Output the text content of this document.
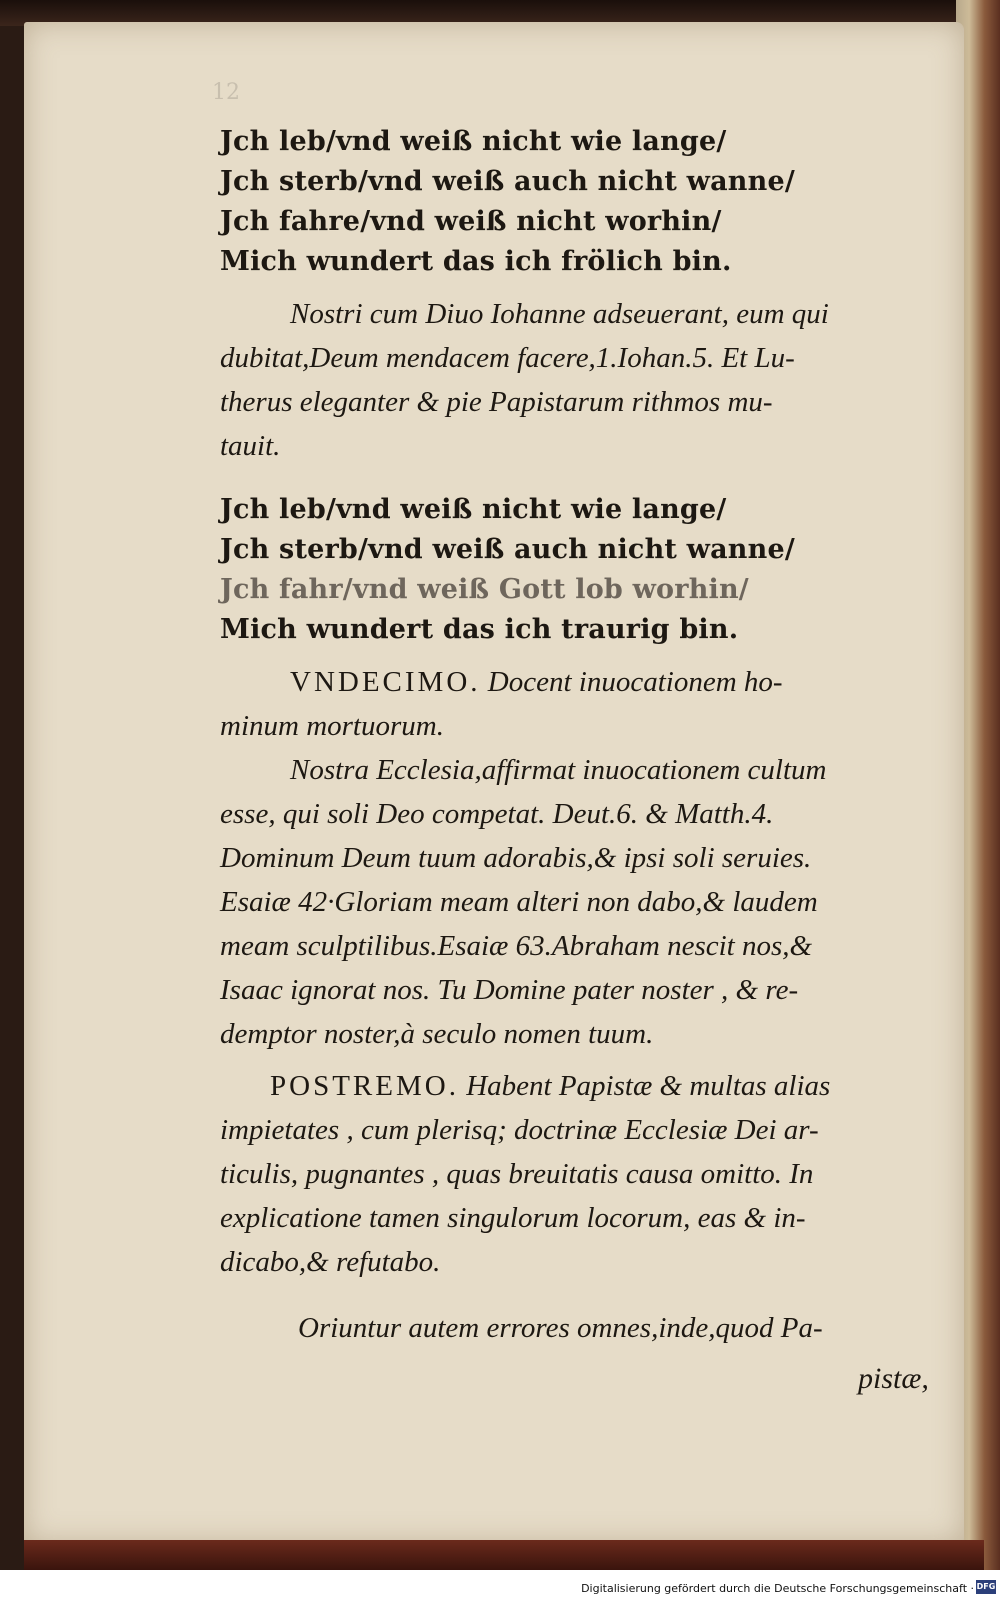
12
Jch leb/vnd weiß nicht wie lange/
Jch sterb/vnd weiß auch nicht wanne/
Jch fahre/vnd weiß nicht worhin/
Mich wundert das ich frölich bin.
Nostri cum Diuo Iohanne adseuerant, eum qui
dubitat,Deum mendacem facere,1.Iohan.5. Et Lu-
therus eleganter & pie Papistarum rithmos mu-
tauit.
Jch leb/vnd weiß nicht wie lange/
Jch sterb/vnd weiß auch nicht wanne/
Jch fahr/vnd weiß Gott lob worhin/
Mich wundert das ich traurig bin.
VNDECIMO. Docent inuocationem ho-
minum mortuorum.
Nostra Ecclesia,affirmat inuocationem cultum
esse, qui soli Deo competat. Deut.6. & Matth.4.
Dominum Deum tuum adorabis,& ipsi soli seruies.
Esaiæ 42·Gloriam meam alteri non dabo,& laudem
meam sculptilibus.Esaiæ 63.Abraham nescit nos,&
Isaac ignorat nos. Tu Domine pater noster , & re-
demptor noster,à seculo nomen tuum.
POSTREMO. Habent Papistæ & multas alias
impietates , cum plerisq; doctrinæ Ecclesiæ Dei ar-
ticulis, pugnantes , quas breuitatis causa omitto. In
explicatione tamen singulorum locorum, eas & in-
dicabo,& refutabo.
Oriuntur autem errores omnes,inde,quod Pa-
pistæ,
Digitalisierung gefördert durch die Deutsche Forschungsgemeinschaft · DFG
